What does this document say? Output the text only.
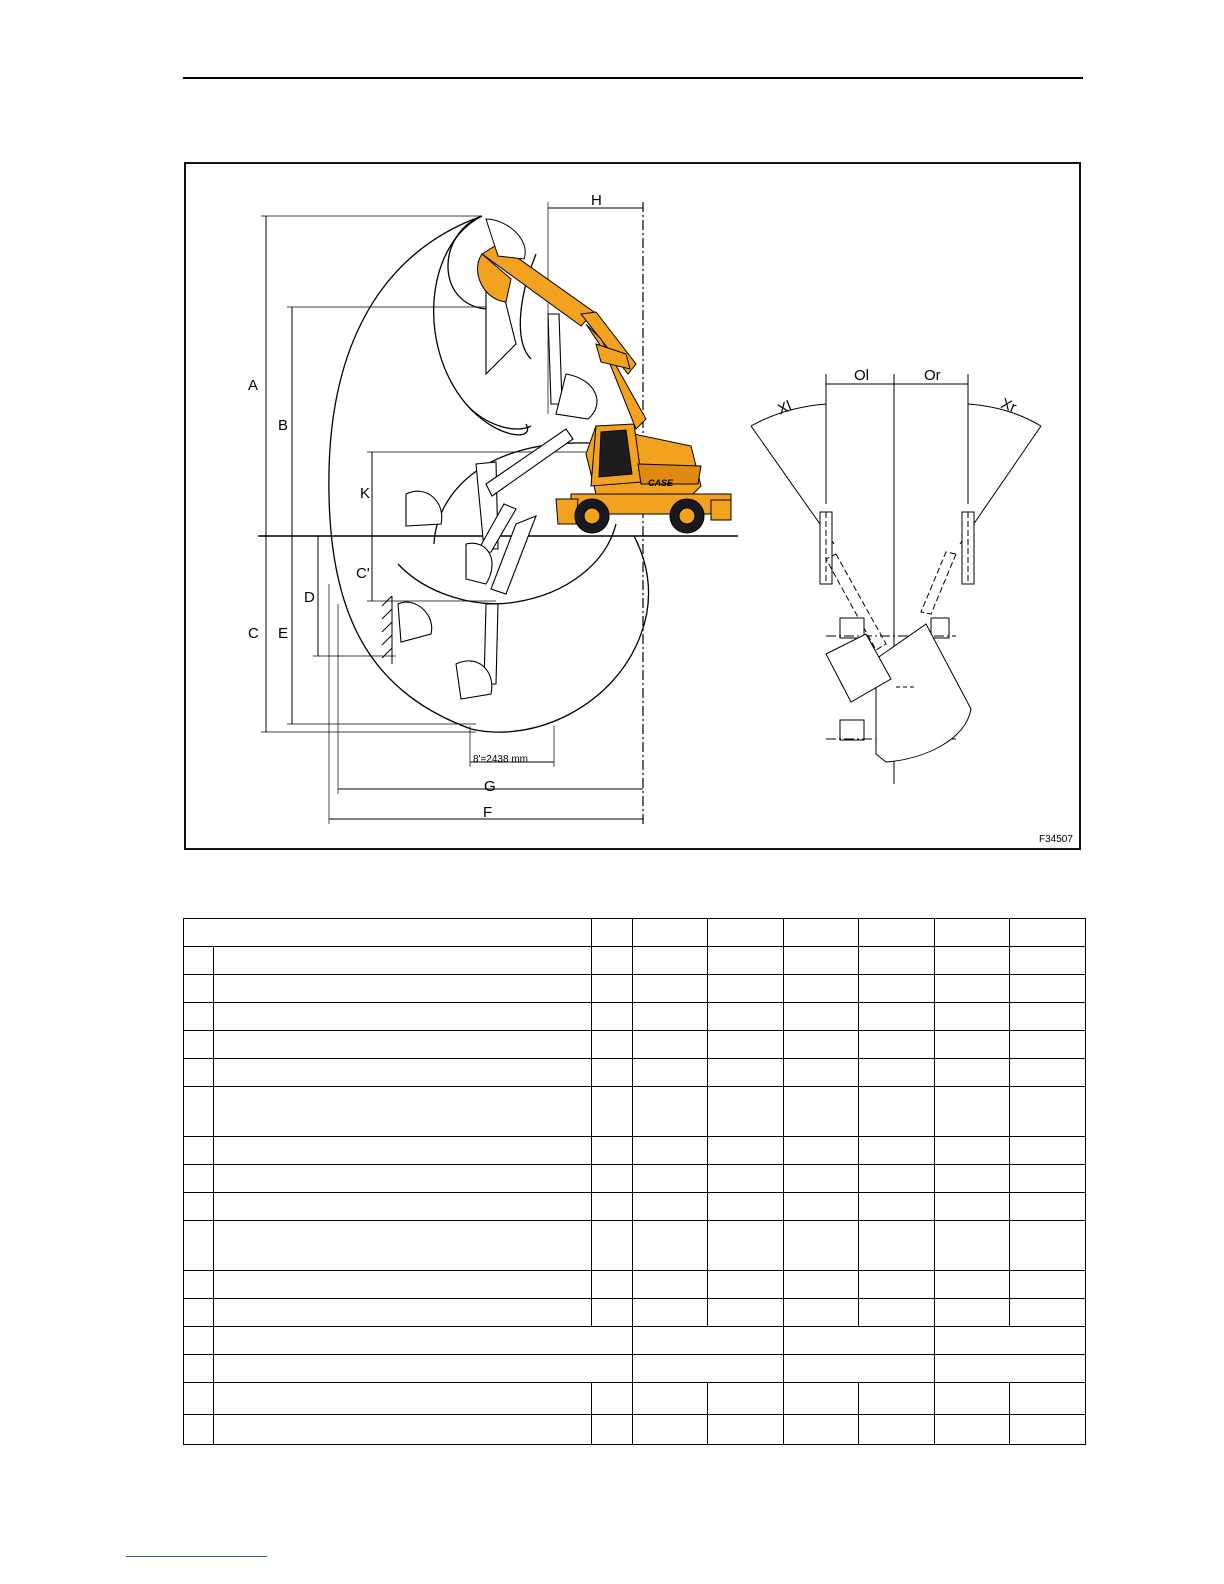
CASE
A
B
K
C'
D
C E
H
G
F
8'=2438 mm
Ol	Or
Xl	Xr
F34507
